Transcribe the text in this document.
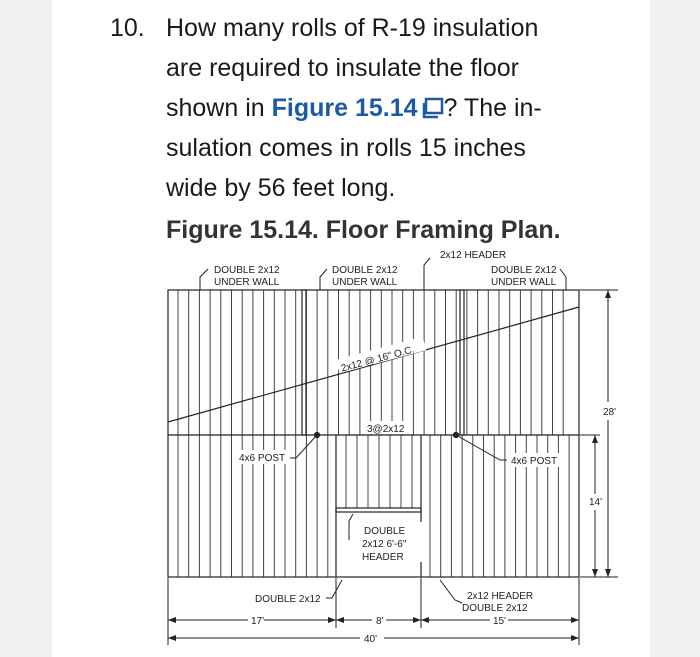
10. How many rolls of R-19 insulation
are required to insulate the floor
shown in Figure 15.14 ? The in-
sulation comes in rolls 15 inches
wide by 56 feet long.
Figure 15.14. Floor Framing Plan.
2x12 HEADER
DOUBLE 2x12
UNDER WALL
DOUBLE 2x12
UNDER WALL
DOUBLE 2x12
UNDER WALL
2x12 @ 16" O.C.
3@2x12
4x6 POST	4x6 POST
DOUBLE
2x12 6'-6"
HEADER
DOUBLE 2x12	2x12 HEADER
DOUBLE 2x12
28'
14'
17'	8'	15'
40'
